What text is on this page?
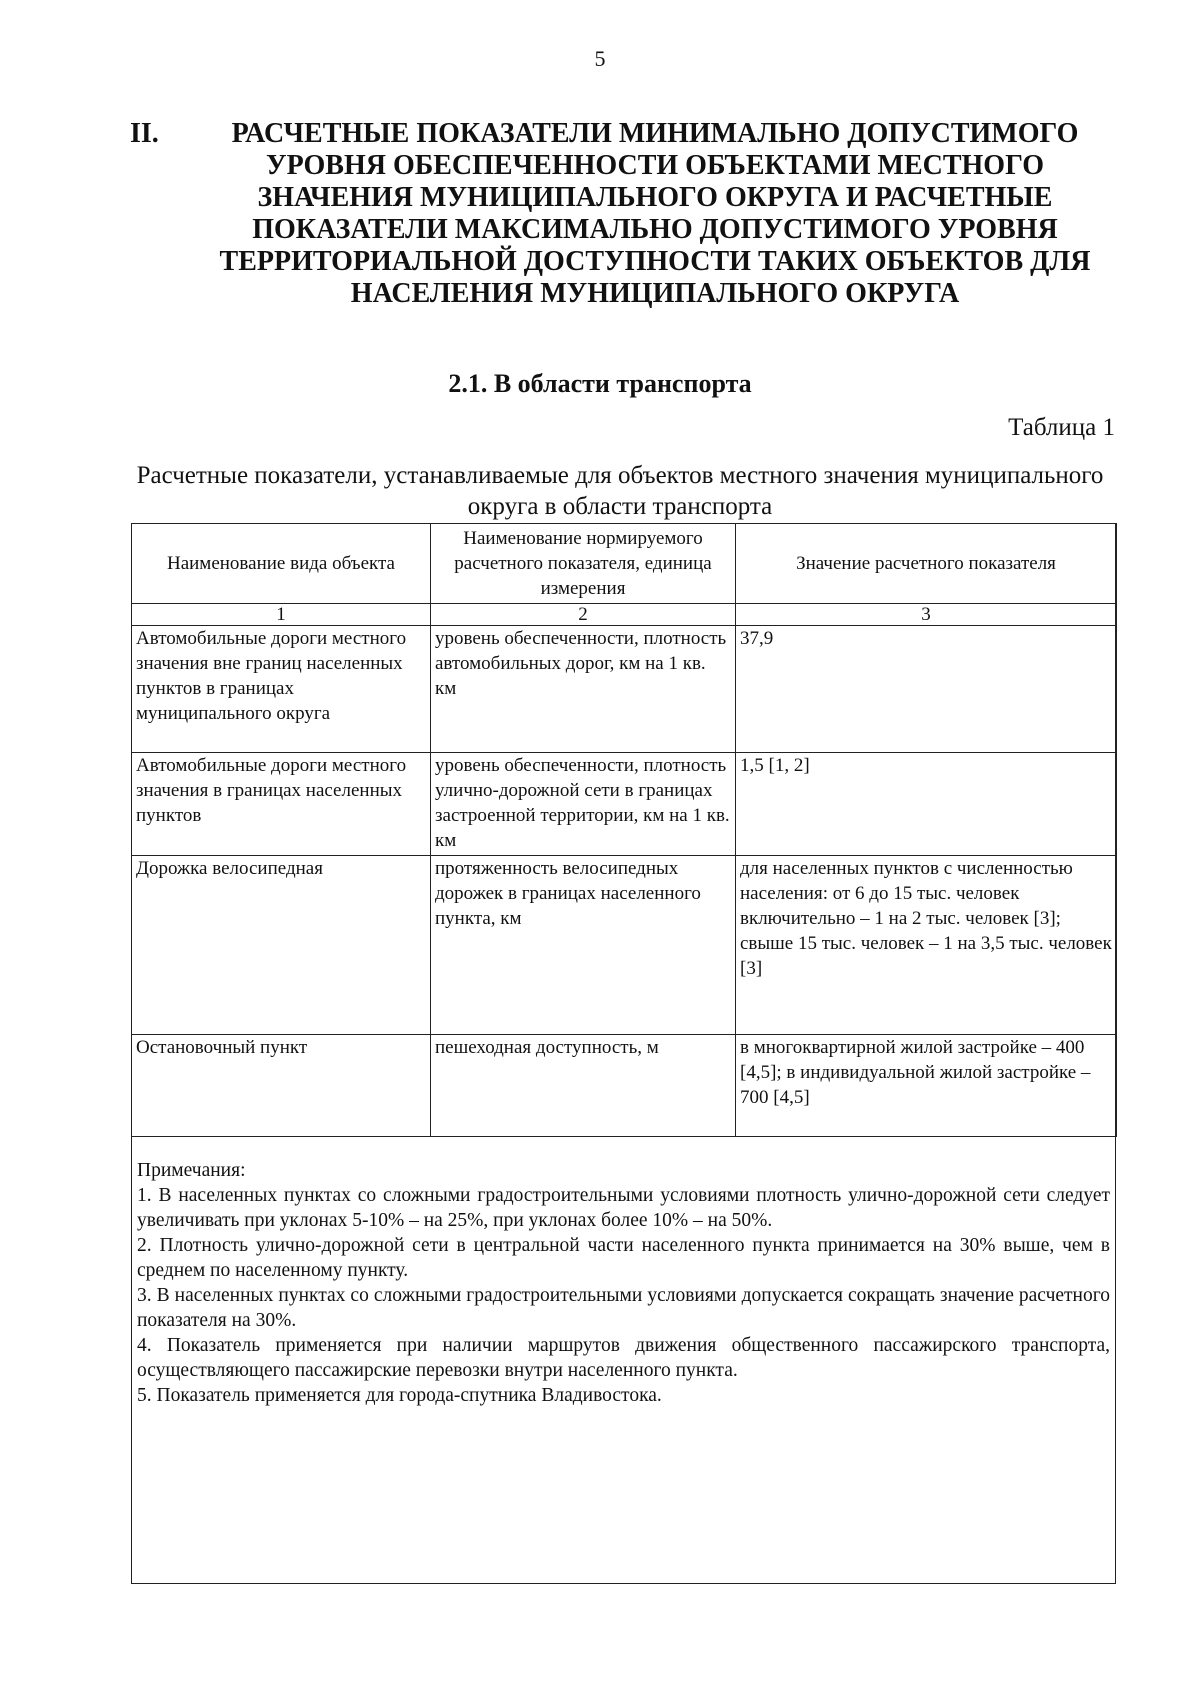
5
II.	РАСЧЕТНЫЕ ПОКАЗАТЕЛИ МИНИМАЛЬНО ДОПУСТИМОГО УРОВНЯ ОБЕСПЕЧЕННОСТИ ОБЪЕКТАМИ МЕСТНОГО ЗНАЧЕНИЯ МУНИЦИПАЛЬНОГО ОКРУГА И РАСЧЕТНЫЕ ПОКАЗАТЕЛИ МАКСИМАЛЬНО ДОПУСТИМОГО УРОВНЯ ТЕРРИТОРИАЛЬНОЙ ДОСТУПНОСТИ ТАКИХ ОБЪЕКТОВ ДЛЯ НАСЕЛЕНИЯ МУНИЦИПАЛЬНОГО ОКРУГА
2.1. В области транспорта
Таблица 1
Расчетные показатели, устанавливаемые для объектов местного значения муниципального округа в области транспорта
Наименование вида объекта	Наименование нормируемого расчетного показателя, единица измерения	Значение расчетного показателя
1	2	3
Автомобильные дороги местного значения вне границ населенных пунктов в границах муниципального округа	уровень обеспеченности, плотность автомобильных дорог, км на 1 кв. км	37,9
Автомобильные дороги местного значения в границах населенных пунктов	уровень обеспеченности, плотность улично-дорожной сети в границах застроенной территории, км на 1 кв. км	1,5 [1, 2]
Дорожка велосипедная	протяженность велосипедных дорожек в границах населенного пункта, км	для населенных пунктов с численностью населения: от 6 до 15 тыс. человек включительно – 1 на 2 тыс. человек [3]; свыше 15 тыс. человек – 1 на 3,5 тыс. человек [3]
Остановочный пункт	пешеходная доступность, м	в многоквартирной жилой застройке – 400 [4,5]; в индивидуальной жилой застройке – 700 [4,5]

Примечания:

1. В населенных пунктах со сложными градостроительными условиями плотность улично-дорожной сети следует увеличивать при уклонах 5-10% – на 25%, при уклонах более 10% – на 50%.

2. Плотность улично-дорожной сети в центральной части населенного пункта принимается на 30% выше, чем в среднем по населенному пункту.

3. В населенных пунктах со сложными градостроительными условиями допускается сокращать значение расчетного показателя на 30%.

4. Показатель применяется при наличии маршрутов движения общественного пассажирского транспорта, осуществляющего пассажирские перевозки внутри населенного пункта.

5. Показатель применяется для города-спутника Владивостока.
